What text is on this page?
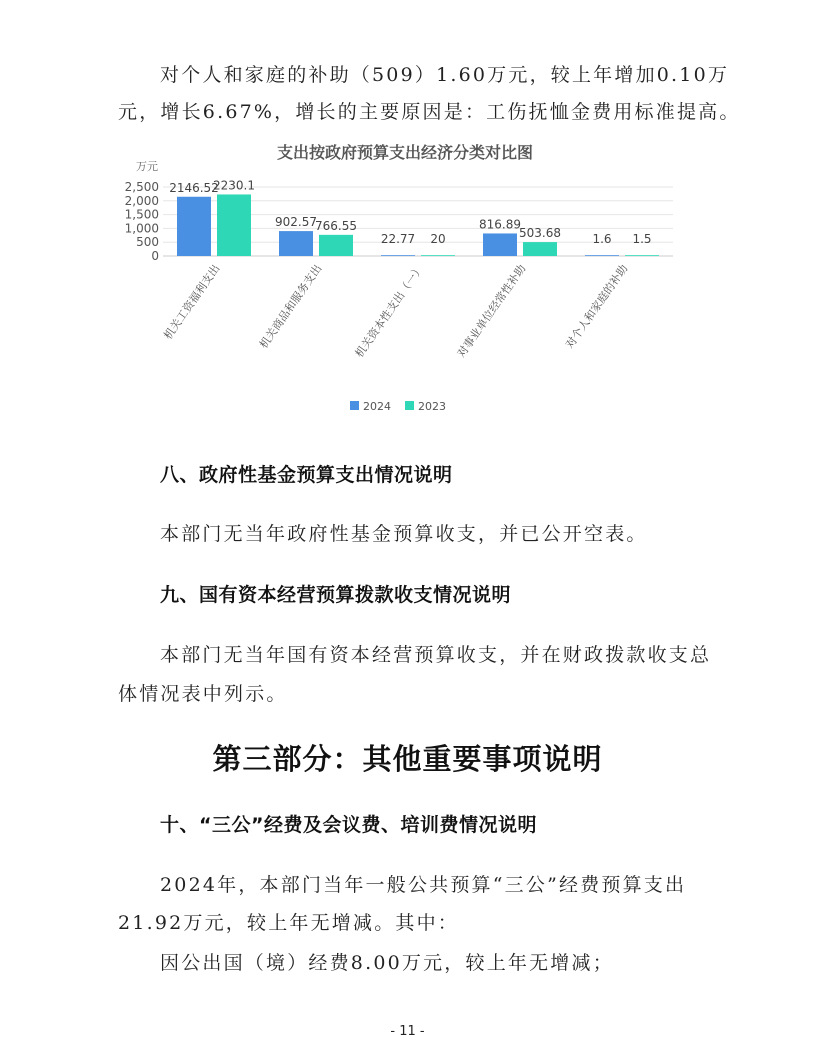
对个人和家庭的补助（509）1.60万元，较上年增加0.10万

元，增长6.67%，增长的主要原因是：工伤抚恤金费用标准提高。

支出按政府预算支出经济分类对比图
万元
0
500
1,000
1,500
2,000
2,500 2146.52
2230.1
机关工资福利支出
902.57
766.55
机关商品和服务支出
22.77 20
机关资本性支出（一）
816.89
503.68
对事业单位经常性补助
1.6 1.5
对个人和家庭的补助
2024 2023

八、政府性基金预算支出情况说明

本部门无当年政府性基金预算收支，并已公开空表。

九、国有资本经营预算拨款收支情况说明

本部门无当年国有资本经营预算收支，并在财政拨款收支总

体情况表中列示。

第三部分：其他重要事项说明

十、“三公”经费及会议费、培训费情况说明

2024年，本部门当年一般公共预算“三公”经费预算支出

21.92万元，较上年无增减。其中：

因公出国（境）经费8.00万元，较上年无增减；

- 11 -
